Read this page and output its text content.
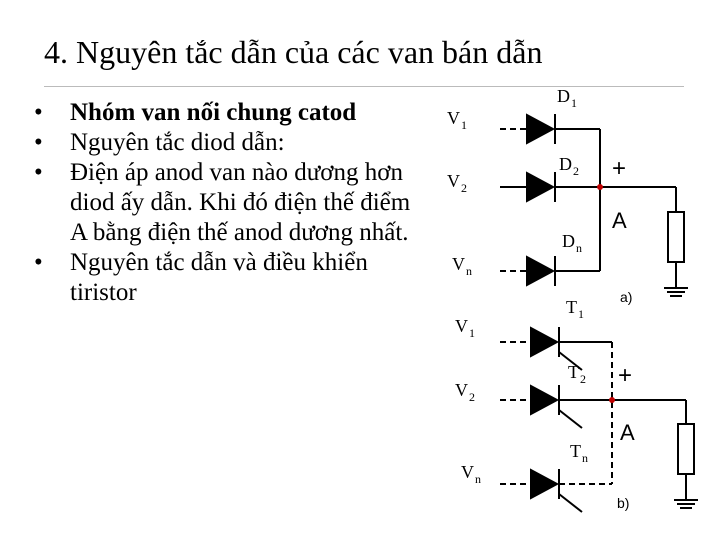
4. Nguyên tắc dẫn của các van bán dẫn
• Nhóm van nối chung catod
• Nguyên tắc diod dẫn:
• Điện áp anod van nào dương hơn diod ấy dẫn. Khi đó điện thế điểm A bằng điện thế anod dương nhất.
• Nguyên tắc dẫn và điều khiển tiristor
$V_1$
$V_2$
$V_n$
$D_1$
$D_2$
$D_n$
+
A
a)
$V_1$
$V_2$
$V_n$
$T_1$
$T_2$
$T_n$
+
A
b)
